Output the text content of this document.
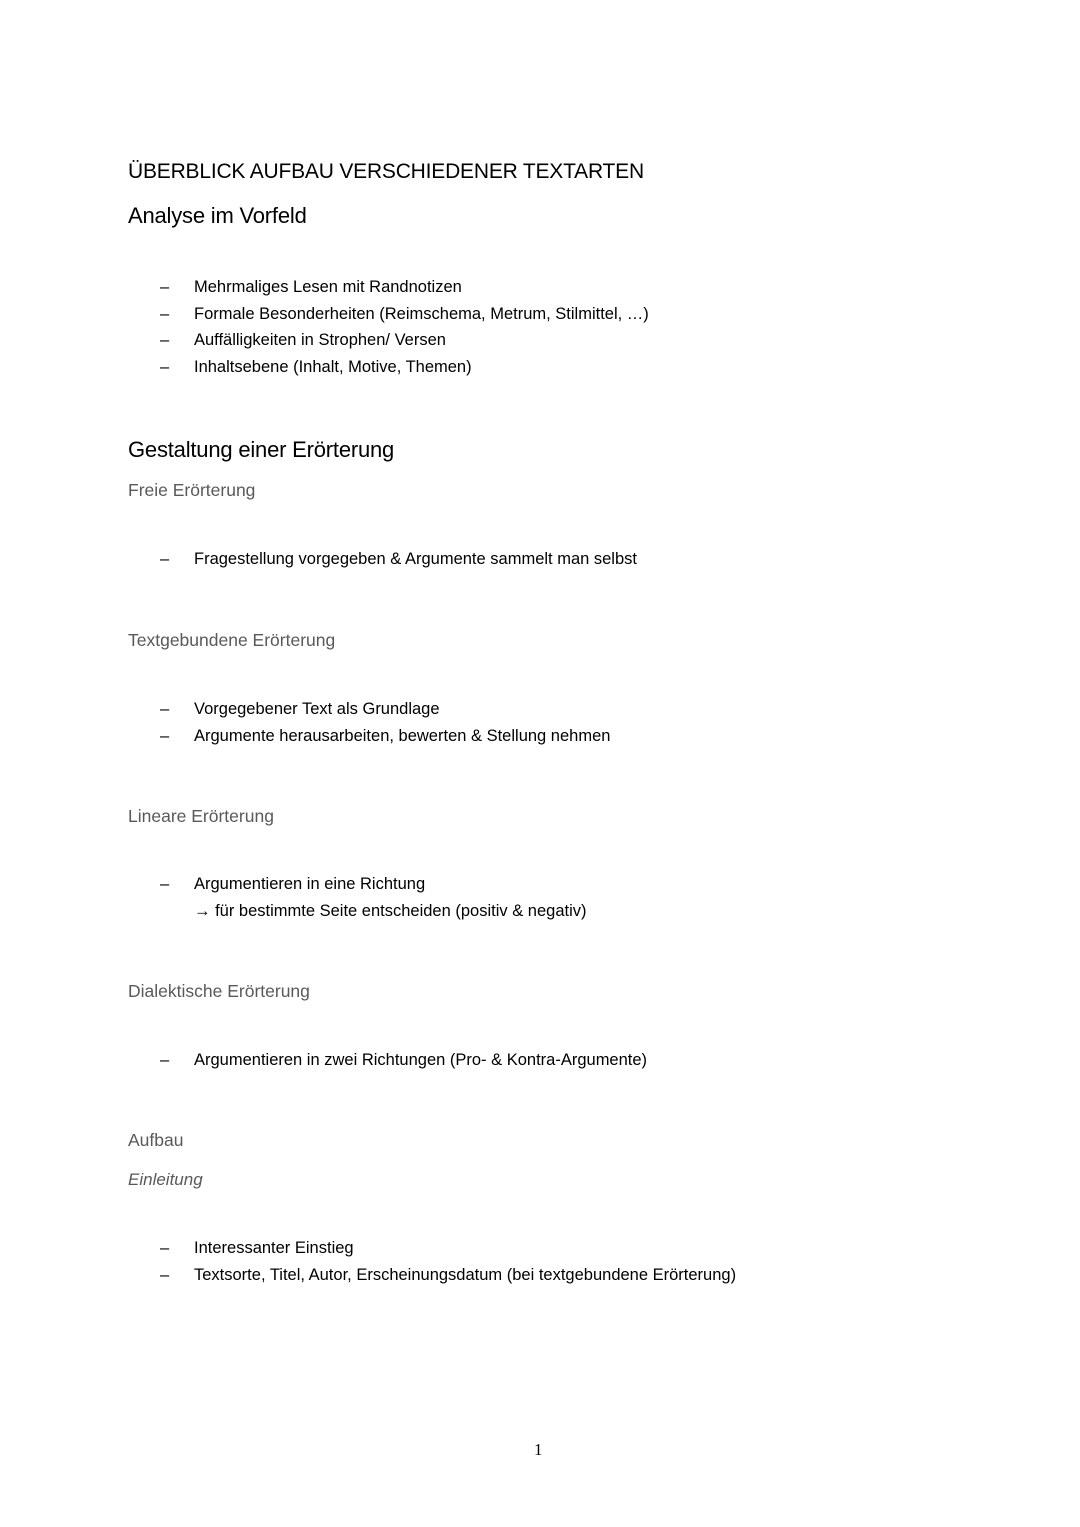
ÜBERBLICK AUFBAU VERSCHIEDENER TEXTARTEN
Analyse im Vorfeld
–	Mehrmaliges Lesen mit Randnotizen
–	Formale Besonderheiten (Reimschema, Metrum, Stilmittel, …)
–	Auffälligkeiten in Strophen/ Versen
–	Inhaltsebene (Inhalt, Motive, Themen)
Gestaltung einer Erörterung
Freie Erörterung
–	Fragestellung vorgegeben & Argumente sammelt man selbst
Textgebundene Erörterung
–	Vorgegebener Text als Grundlage
–	Argumente herausarbeiten, bewerten & Stellung nehmen
Lineare Erörterung
–	Argumentieren in eine Richtung
→ für bestimmte Seite entscheiden (positiv & negativ)
Dialektische Erörterung
–	Argumentieren in zwei Richtungen (Pro- & Kontra-Argumente)
Aufbau
Einleitung
–	Interessanter Einstieg
–	Textsorte, Titel, Autor, Erscheinungsdatum (bei textgebundene Erörterung)
1
